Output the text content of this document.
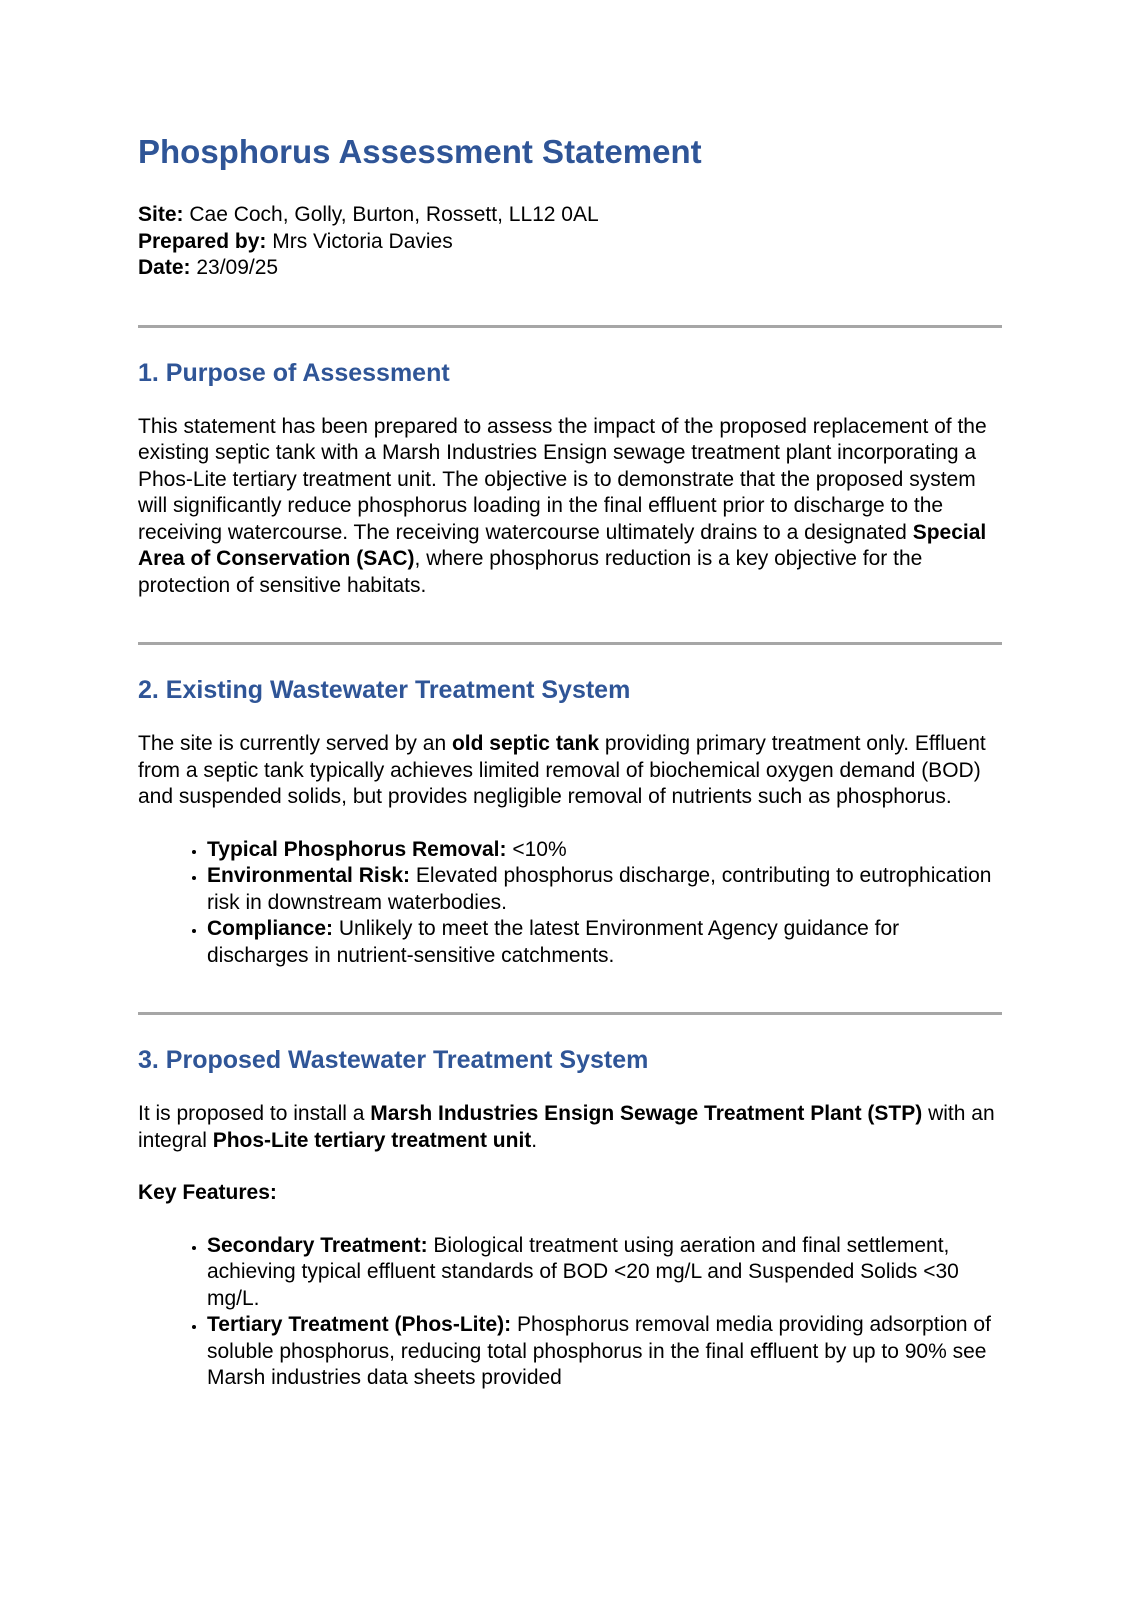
Phosphorus Assessment Statement
Site: Cae Coch, Golly, Burton, Rossett, LL12 0AL
Prepared by: Mrs Victoria Davies
Date: 23/09/25
1. Purpose of Assessment

This statement has been prepared to assess the impact of the proposed replacement of the existing septic tank with a Marsh Industries Ensign sewage treatment plant incorporating a Phos-Lite tertiary treatment unit. The objective is to demonstrate that the proposed system will significantly reduce phosphorus loading in the final effluent prior to discharge to the receiving watercourse. The receiving watercourse ultimately drains to a designated Special Area of Conservation (SAC), where phosphorus reduction is a key objective for the protection of sensitive habitats.

2. Existing Wastewater Treatment System

The site is currently served by an old septic tank providing primary treatment only. Effluent from a septic tank typically achieves limited removal of biochemical oxygen demand (BOD) and suspended solids, but provides negligible removal of nutrients such as phosphorus.

• Typical Phosphorus Removal: <10%
• Environmental Risk: Elevated phosphorus discharge, contributing to eutrophication risk in downstream waterbodies.
• Compliance: Unlikely to meet the latest Environment Agency guidance for discharges in nutrient-sensitive catchments.
3. Proposed Wastewater Treatment System

It is proposed to install a Marsh Industries Ensign Sewage Treatment Plant (STP) with an integral Phos-Lite tertiary treatment unit.

Key Features:

• Secondary Treatment: Biological treatment using aeration and final settlement, achieving typical effluent standards of BOD <20 mg/L and Suspended Solids <30 mg/L.
• Tertiary Treatment (Phos-Lite): Phosphorus removal media providing adsorption of soluble phosphorus, reducing total phosphorus in the final effluent by up to 90% see Marsh industries data sheets provided
